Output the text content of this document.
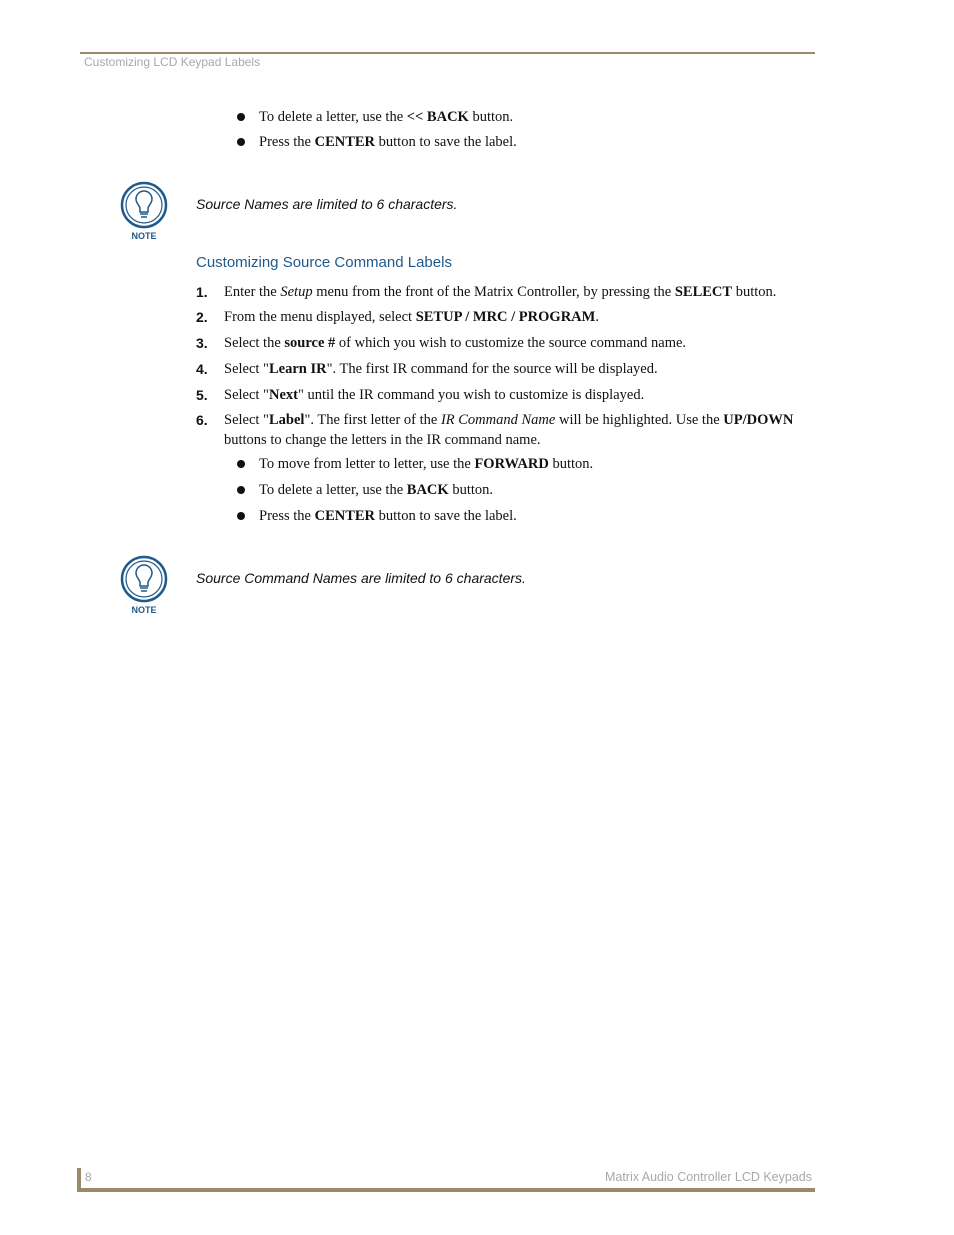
Customizing LCD Keypad Labels
To delete a letter, use the << BACK button.
Press the CENTER button to save the label.
NOTE
Source Names are limited to 6 characters.
Customizing Source Command Labels
1. Enter the Setup menu from the front of the Matrix Controller, by pressing the SELECT button.
2. From the menu displayed, select SETUP / MRC / PROGRAM.
3. Select the source # of which you wish to customize the source command name.
4. Select "Learn IR". The first IR command for the source will be displayed.
5. Select "Next" until the IR command you wish to customize is displayed.
6. Select "Label". The first letter of the IR Command Name will be highlighted. Use the UP/DOWN buttons to change the letters in the IR command name.
To move from letter to letter, use the FORWARD button.
To delete a letter, use the BACK button.
Press the CENTER button to save the label.
NOTE
Source Command Names are limited to 6 characters.
8	Matrix Audio Controller LCD Keypads
